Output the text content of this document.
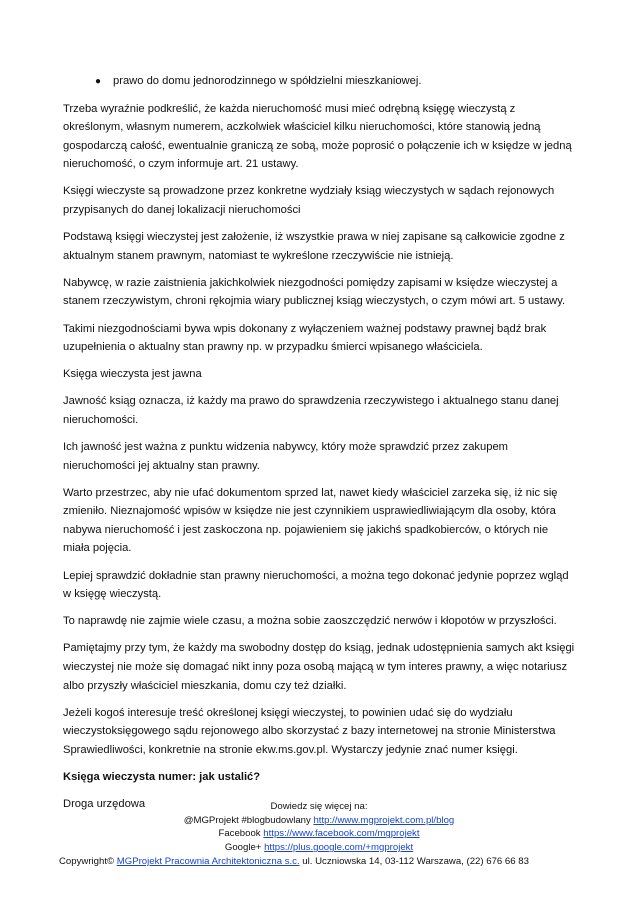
●	prawo do domu jednorodzinnego w spółdzielni mieszkaniowej.

Trzeba wyraźnie podkreślić, że każda nieruchomość musi mieć odrębną księgę wieczystą z określonym, własnym numerem, aczkolwiek właściciel kilku nieruchomości, które stanowią jedną gospodarczą całość, ewentualnie graniczą ze sobą, może poprosić o połączenie ich w księdze w jedną nieruchomość, o czym informuje art. 21 ustawy.

Księgi wieczyste są prowadzone przez konkretne wydziały ksiąg wieczystych w sądach rejonowych przypisanych do danej lokalizacji nieruchomości

Podstawą księgi wieczystej jest założenie, iż wszystkie prawa w niej zapisane są całkowicie zgodne z aktualnym stanem prawnym, natomiast te wykreślone rzeczywiście nie istnieją.

Nabywcę, w razie zaistnienia jakichkolwiek niezgodności pomiędzy zapisami w księdze wieczystej a stanem rzeczywistym, chroni rękojmia wiary publicznej ksiąg wieczystych, o czym mówi art. 5 ustawy.

Takimi niezgodnościami bywa wpis dokonany z wyłączeniem ważnej podstawy prawnej bądź brak uzupełnienia o aktualny stan prawny np. w przypadku śmierci wpisanego właściciela.

Księga wieczysta jest jawna

Jawność ksiąg oznacza, iż każdy ma prawo do sprawdzenia rzeczywistego i aktualnego stanu danej nieruchomości.

Ich jawność jest ważna z punktu widzenia nabywcy, który może sprawdzić przez zakupem nieruchomości jej aktualny stan prawny.

Warto przestrzec, aby nie ufać dokumentom sprzed lat, nawet kiedy właściciel zarzeka się, iż nic się zmieniło. Nieznajomość wpisów w księdze nie jest czynnikiem usprawiedliwiającym dla osoby, która nabywa nieruchomość i jest zaskoczona np. pojawieniem się jakichś spadkobierców, o których nie miała pojęcia.

Lepiej sprawdzić dokładnie stan prawny nieruchomości, a można tego dokonać jedynie poprzez wgląd w księgę wieczystą.

To naprawdę nie zajmie wiele czasu, a można sobie zaoszczędzić nerwów i kłopotów w przyszłości.

Pamiętajmy przy tym, że każdy ma swobodny dostęp do ksiąg, jednak udostępnienia samych akt księgi wieczystej nie może się domagać nikt inny poza osobą mającą w tym interes prawny, a więc notariusz albo przyszły właściciel mieszkania, domu czy też działki.

Jeżeli kogoś interesuje treść określonej księgi wieczystej, to powinien udać się do wydziału wieczystoksięgowego sądu rejonowego albo skorzystać z bazy internetowej na stronie Ministerstwa Sprawiedliwości, konkretnie na stronie ekw.ms.gov.pl. Wystarczy jedynie znać numer księgi.

Księga wieczysta numer: jak ustalić?

Droga urzędowa	Dowiedz się więcej na:
@MGProjekt #blogbudowlany http://www.mgprojekt.com.pl/blog
Facebook https://www.facebook.com/mgprojekt
Google+ https://plus.google.com/+mgprojekt
Copywright© MGProjekt Pracownia Architektoniczna s.c. ul. Uczniowska 14, 03-112 Warszawa, (22) 676 66 83
